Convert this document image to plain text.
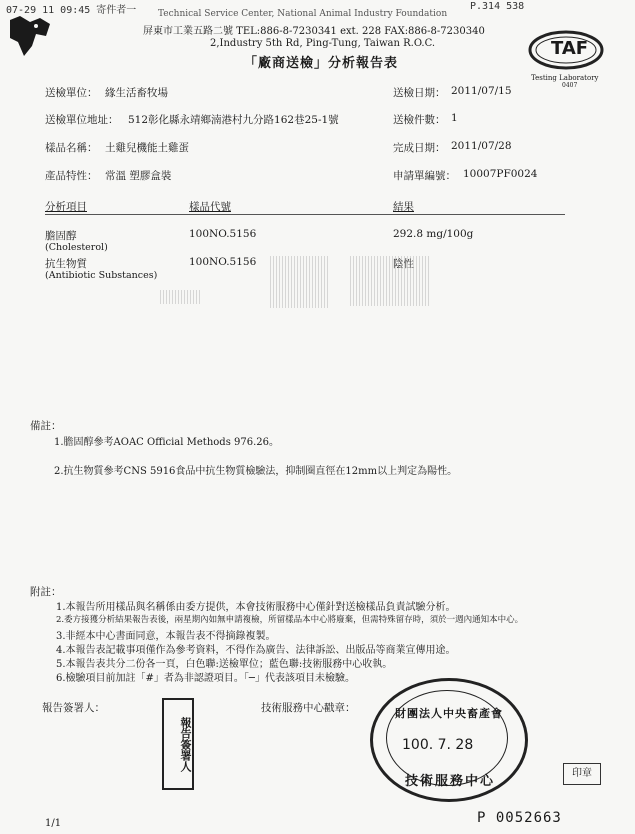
07-29 11 09:45 寄件者一	P.314 538
Technical Service Center, National Animal Industry Foundation
屏東市工業五路二號 TEL:886-8-7230341 ext. 228 FAX:886-8-7230340
2,Industry 5th Rd, Ping-Tung, Taiwan R.O.C.
「廠商送檢」分析報告表
TAF
Testing Laboratory
0407
送檢單位： 緣生活畜牧場	送檢日期： 2011/07/15
送檢單位地址： 512彰化縣永靖鄉湳港村九分路162巷25-1號	送檢件數： 1
樣品名稱： 土雞兒機能土雞蛋	完成日期： 2011/07/28
產品特性： 常溫 塑膠盒裝	申請單編號： 10007PF0024
分析項目	樣品代號	結果
膽固醇
(Cholesterol)
100NO.5156	292.8 mg/100g
抗生物質
(Antibiotic Substances)
100NO.5156	陰性
備註：
1.膽固醇參考AOAC Official Methods 976.26。
2.抗生物質參考CNS 5916食品中抗生物質檢驗法，抑制圈直徑在12mm以上判定為陽性。
附註：
1.本報告所用樣品與名稱係由委方提供，本會技術服務中心僅針對送檢樣品負責試驗分析。
2.委方接獲分析結果報告表後，兩星期內如無申請複檢，所留樣品本中心將廢棄，但需特殊留存時，須於一週內通知本中心。
3.非經本中心書面同意，本報告表不得摘錄複製。
4.本報告表記載事項僅作為參考資料，不得作為廣告、法律訴訟、出版品等商業宣傳用途。
5.本報告表共分二份各一頁，白色聯:送檢單位；藍色聯:技術服務中心收執。
6.檢驗項目前加註「#」者為非認證項目。「─」代表該項目未檢驗。
報告簽署人：
報告簽署人
技術服務中心戳章：	財團法人中央畜產會
100. 7. 28
技術服務中心
印章
1/1	P 0052663
